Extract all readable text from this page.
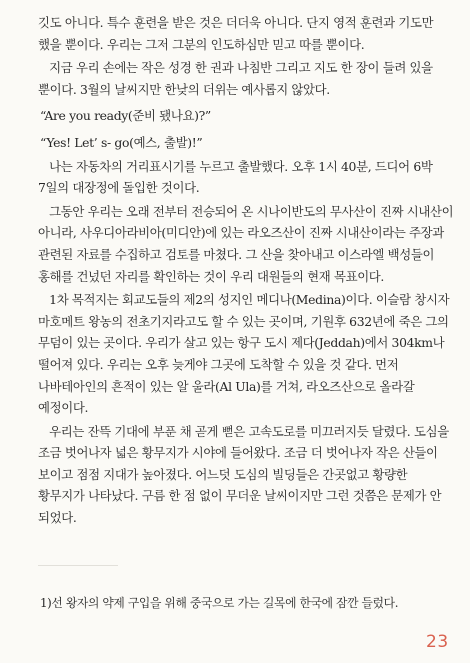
깃도 아니다. 특수 훈련을 받은 것은 더더욱 아니다. 단지 영적 훈련과 기도만 했을 뿐이다. 우리는 그저 그분의 인도하심만 믿고 따를 뿐이다.

지금 우리 손에는 작은 성경 한 권과 나침반 그리고 지도 한 장이 들려 있을 뿐이다. 3월의 날씨지만 한낮의 더위는 예사롭지 않았다.

“Are you ready(준비 됐나요)?”

“Yes! Let’ s- go(예스, 출발)!”

나는 자동차의 거리표시기를 누르고 출발했다. 오후 1시 40분, 드디어 6박 7일의 대장정에 돌입한 것이다.

그동안 우리는 오래 전부터 전승되어 온 시나이반도의 무사산이 진짜 시내산이 아니라, 사우디아라비아(미디안)에 있는 라오즈산이 진짜 시내산이라는 주장과 관련된 자료를 수집하고 검토를 마쳤다. 그 산을 찾아내고 이스라엘 백성들이 홍해를 건넜던 자리를 확인하는 것이 우리 대원들의 현재 목표이다.

1차 목적지는 회교도들의 제2의 성지인 메디나(Medina)이다. 이슬람 창시자 마호메트 왕농의 전초기지라고도 할 수 있는 곳이며, 기원후 632년에 죽은 그의 무덤이 있는 곳이다. 우리가 살고 있는 항구 도시 제다(Jeddah)에서 304km나 떨어져 있다. 우리는 오후 늦게야 그곳에 도착할 수 있을 것 같다. 먼저 나바테아인의 흔적이 있는 알 울라(Al Ula)를 거쳐, 라오즈산으로 올라갈 예정이다.

우리는 잔뜩 기대에 부푼 채 곧게 뻗은 고속도로를 미끄러지듯 달렸다. 도심을 조금 벗어나자 넓은 황무지가 시야에 들어왔다. 조금 더 벗어나자 작은 산들이 보이고 점점 지대가 높아졌다. 어느덧 도심의 빌딩들은 간곳없고 황량한 황무지가 나타났다. 구름 한 점 없이 무더운 날씨이지만 그런 것쯤은 문제가 안 되었다.

1)선 왕자의 약제 구입을 위해 중국으로 가는 길목에 한국에 잠깐 들렀다.
23
